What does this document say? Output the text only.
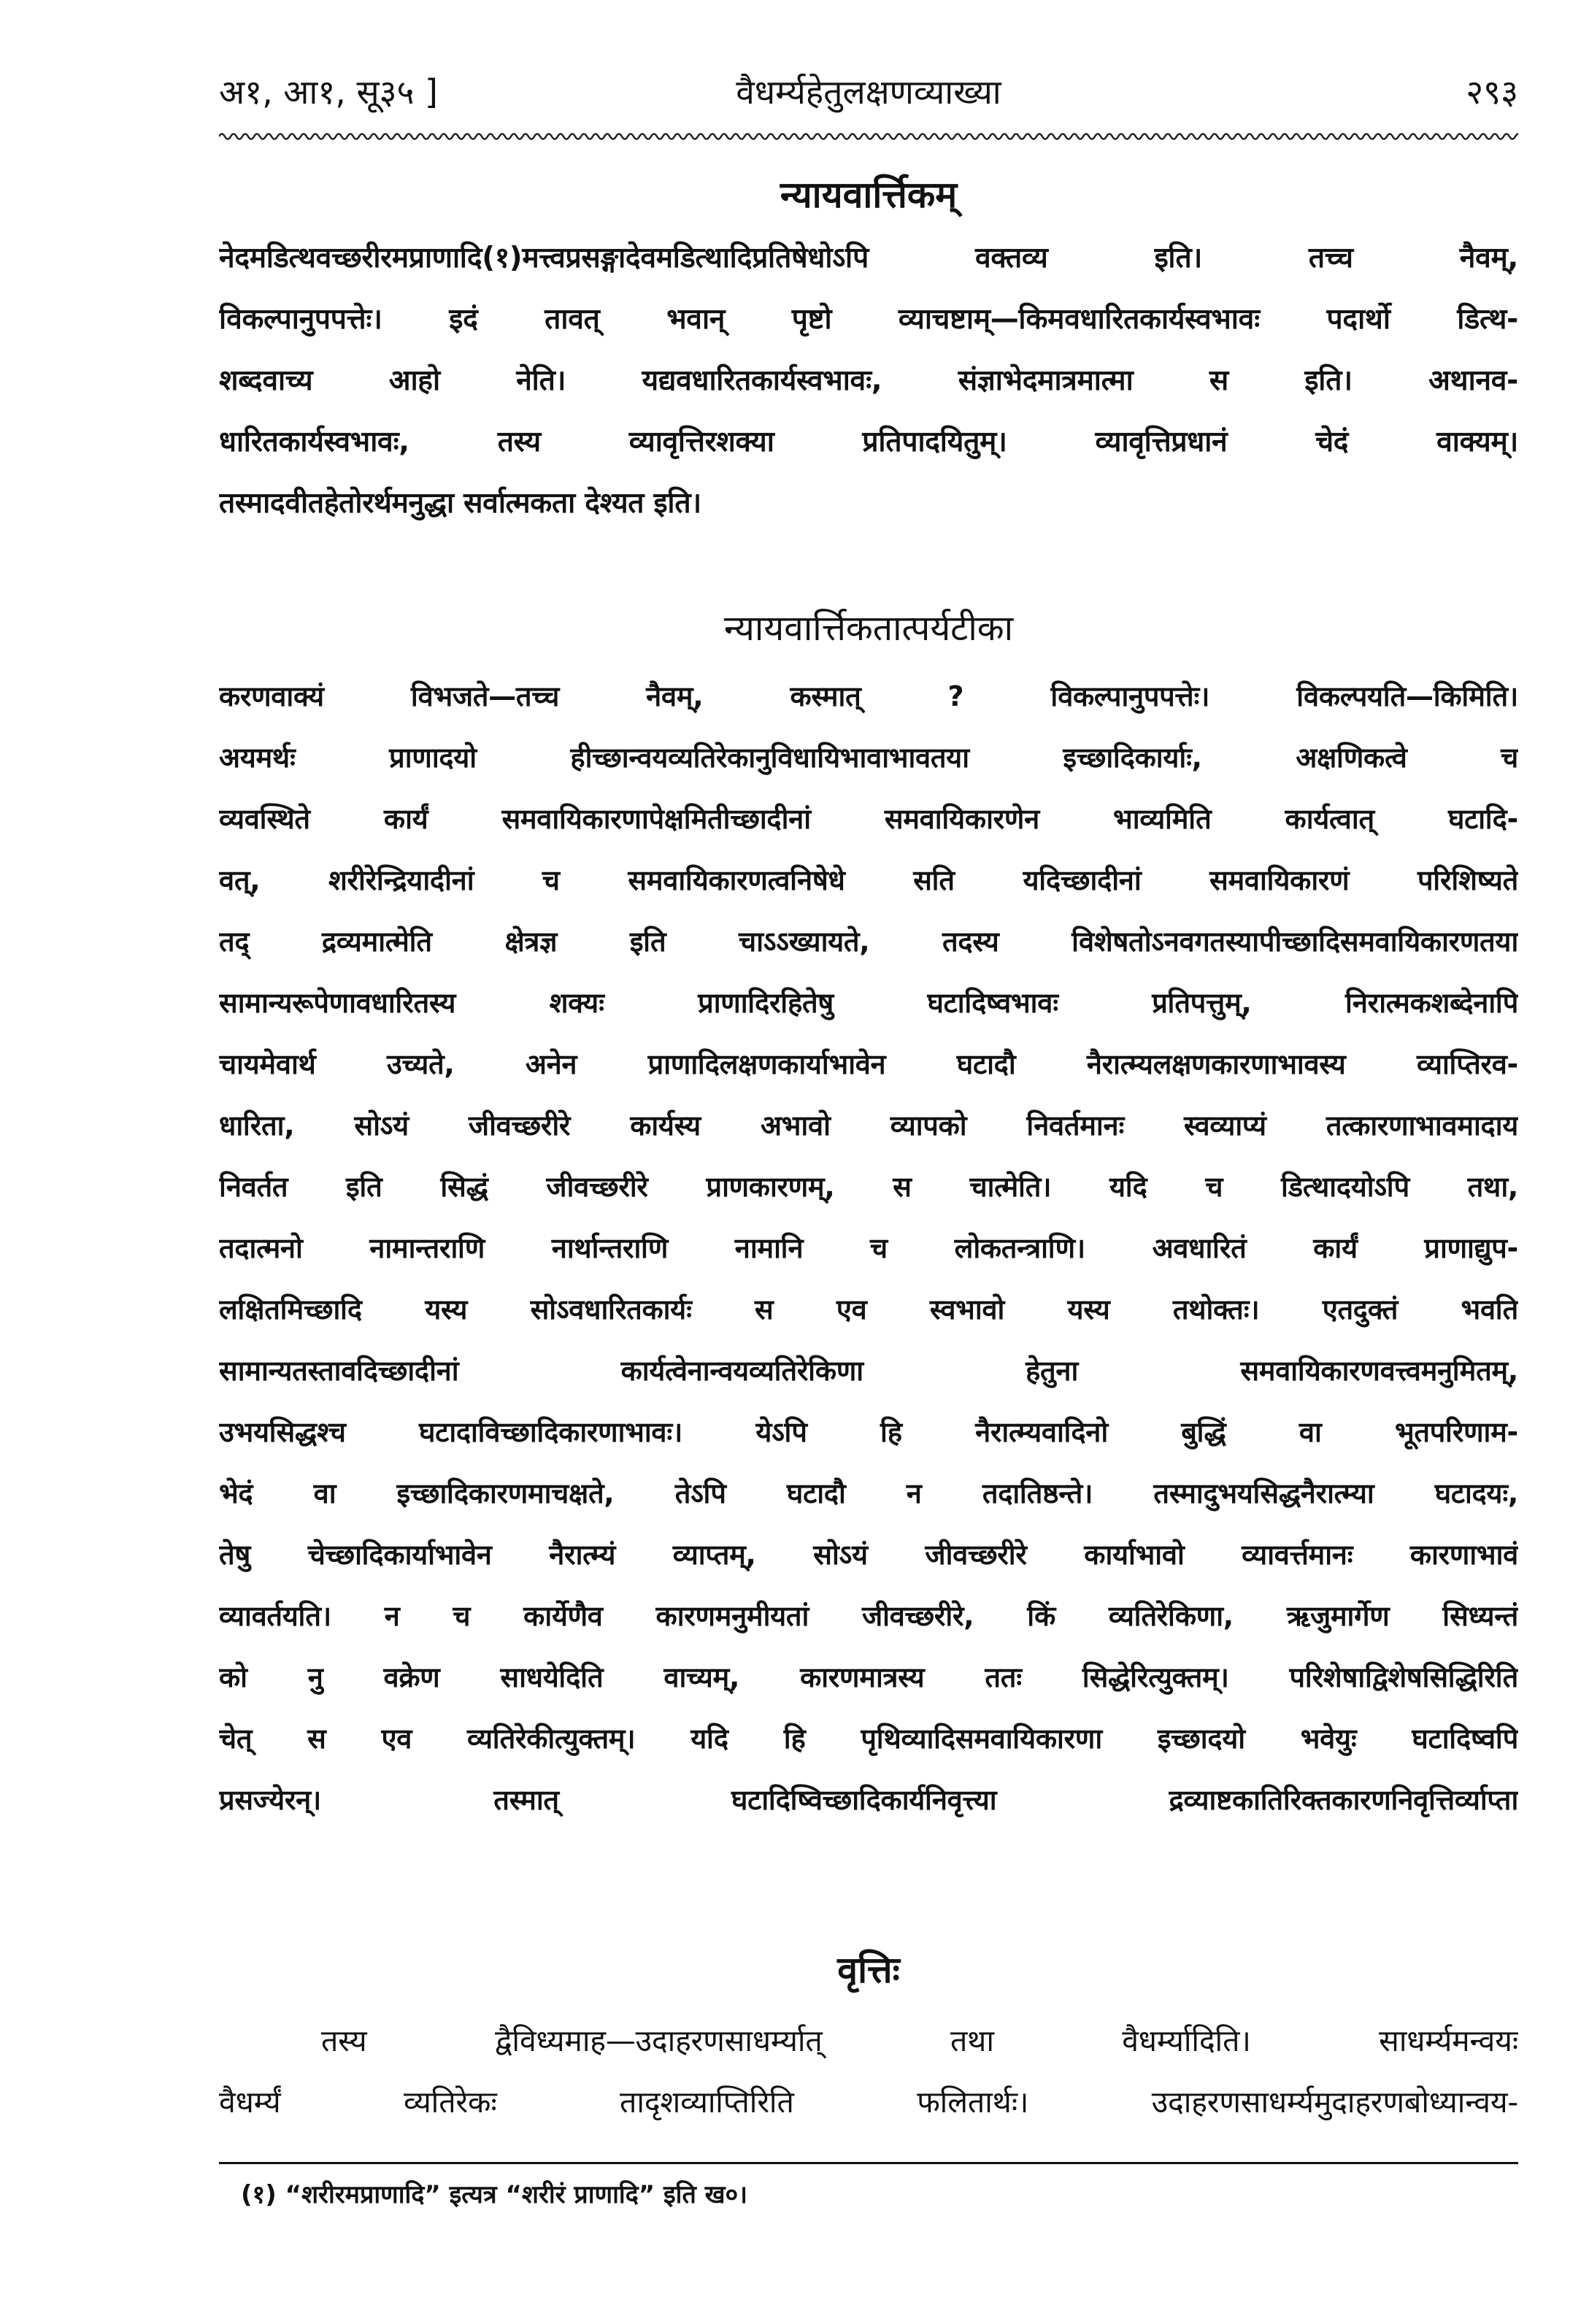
वैधर्म्यहेतुलक्षणव्याख्या
अ१, आ१, सू३५ ]	२९३
न्यायवार्त्तिकम्
नेदमडित्थवच्छरीरमप्राणादि(१)मत्त्वप्रसङ्गादेवमडित्थादिप्रतिषेधोऽपि वक्तव्य इति। तच्च नैवम्,
विकल्पानुपपत्तेः। इदं तावत् भवान् पृष्टो व्याचष्टाम्—किमवधारितकार्यस्वभावः पदार्थो डित्थ-
शब्दवाच्य आहो नेति। यद्यवधारितकार्यस्वभावः, संज्ञाभेदमात्रमात्मा स इति। अथानव-
धारितकार्यस्वभावः, तस्य व्यावृत्तिरशक्या प्रतिपादयितुम्। व्यावृत्तिप्रधानं चेदं वाक्यम्।
तस्मादवीतहेतोरर्थमनुद्धा सर्वात्मकता देश्यत इति।
न्यायवार्त्तिकतात्पर्यटीका
करणवाक्यं विभजते—तच्च नैवम्, कस्मात् ? विकल्पानुपपत्तेः। विकल्पयति—किमिति।
अयमर्थः प्राणादयो हीच्छान्वयव्यतिरेकानुविधायिभावाभावतया इच्छादिकार्याः, अक्षणिकत्वे च
व्यवस्थिते कार्यं समवायिकारणापेक्षमितीच्छादीनां समवायिकारणेन भाव्यमिति कार्यत्वात् घटादि-
वत्, शरीरेन्द्रियादीनां च समवायिकारणत्वनिषेधे सति यदिच्छादीनां समवायिकारणं परिशिष्यते
तद् द्रव्यमात्मेति क्षेत्रज्ञ इति चाऽऽख्यायते, तदस्य विशेषतोऽनवगतस्यापीच्छादिसमवायिकारणतया
सामान्यरूपेणावधारितस्य शक्यः प्राणादिरहितेषु घटादिष्वभावः प्रतिपत्तुम्, निरात्मकशब्देनापि
चायमेवार्थ उच्यते, अनेन प्राणादिलक्षणकार्याभावेन घटादौ नैरात्म्यलक्षणकारणाभावस्य व्याप्तिरव-
धारिता, सोऽयं जीवच्छरीरे कार्यस्य अभावो व्यापको निवर्तमानः स्वव्याप्यं तत्कारणाभावमादाय
निवर्तत इति सिद्धं जीवच्छरीरे प्राणकारणम्, स चात्मेति। यदि च डित्थादयोऽपि तथा,
तदात्मनो नामान्तराणि नार्थान्तराणि नामानि च लोकतन्त्राणि। अवधारितं कार्यं प्राणाद्युप-
लक्षितमिच्छादि यस्य सोऽवधारितकार्यः स एव स्वभावो यस्य तथोक्तः। एतदुक्तं भवति
सामान्यतस्तावदिच्छादीनां कार्यत्वेनान्वयव्यतिरेकिणा हेतुना समवायिकारणवत्त्वमनुमितम्,
उभयसिद्धश्च घटादाविच्छादिकारणाभावः। येऽपि हि नैरात्म्यवादिनो बुद्धिं वा भूतपरिणाम-
भेदं वा इच्छादिकारणमाचक्षते, तेऽपि घटादौ न तदातिष्ठन्ते। तस्मादुभयसिद्धनैरात्म्या घटादयः,
तेषु चेच्छादिकार्याभावेन नैरात्म्यं व्याप्तम्, सोऽयं जीवच्छरीरे कार्याभावो व्यावर्त्तमानः कारणाभावं
व्यावर्तयति। न च कार्येणैव कारणमनुमीयतां जीवच्छरीरे, किं व्यतिरेकिणा, ऋजुमार्गेण सिध्यन्तं
को नु वक्रेण साधयेदिति वाच्यम्, कारणमात्रस्य ततः सिद्धेरित्युक्तम्। परिशेषाद्विशेषसिद्धिरिति
चेत् स एव व्यतिरेकीत्युक्तम्। यदि हि पृथिव्यादिसमवायिकारणा इच्छादयो भवेयुः घटादिष्वपि
प्रसज्येरन्। तस्मात् घटादिष्विच्छादिकार्यनिवृत्त्या द्रव्याष्टकातिरिक्तकारणनिवृत्तिर्व्याप्ता
वृत्तिः
तस्य द्वैविध्यमाह—उदाहरणसाधर्म्यात् तथा वैधर्म्यादिति। साधर्म्यमन्वयः
वैधर्म्यं व्यतिरेकः तादृशव्याप्तिरिति फलितार्थः। उदाहरणसाधर्म्यमुदाहरणबोध्यान्वय-
(१) “शरीरमप्राणादि” इत्यत्र “शरीरं प्राणादि” इति ख०।
